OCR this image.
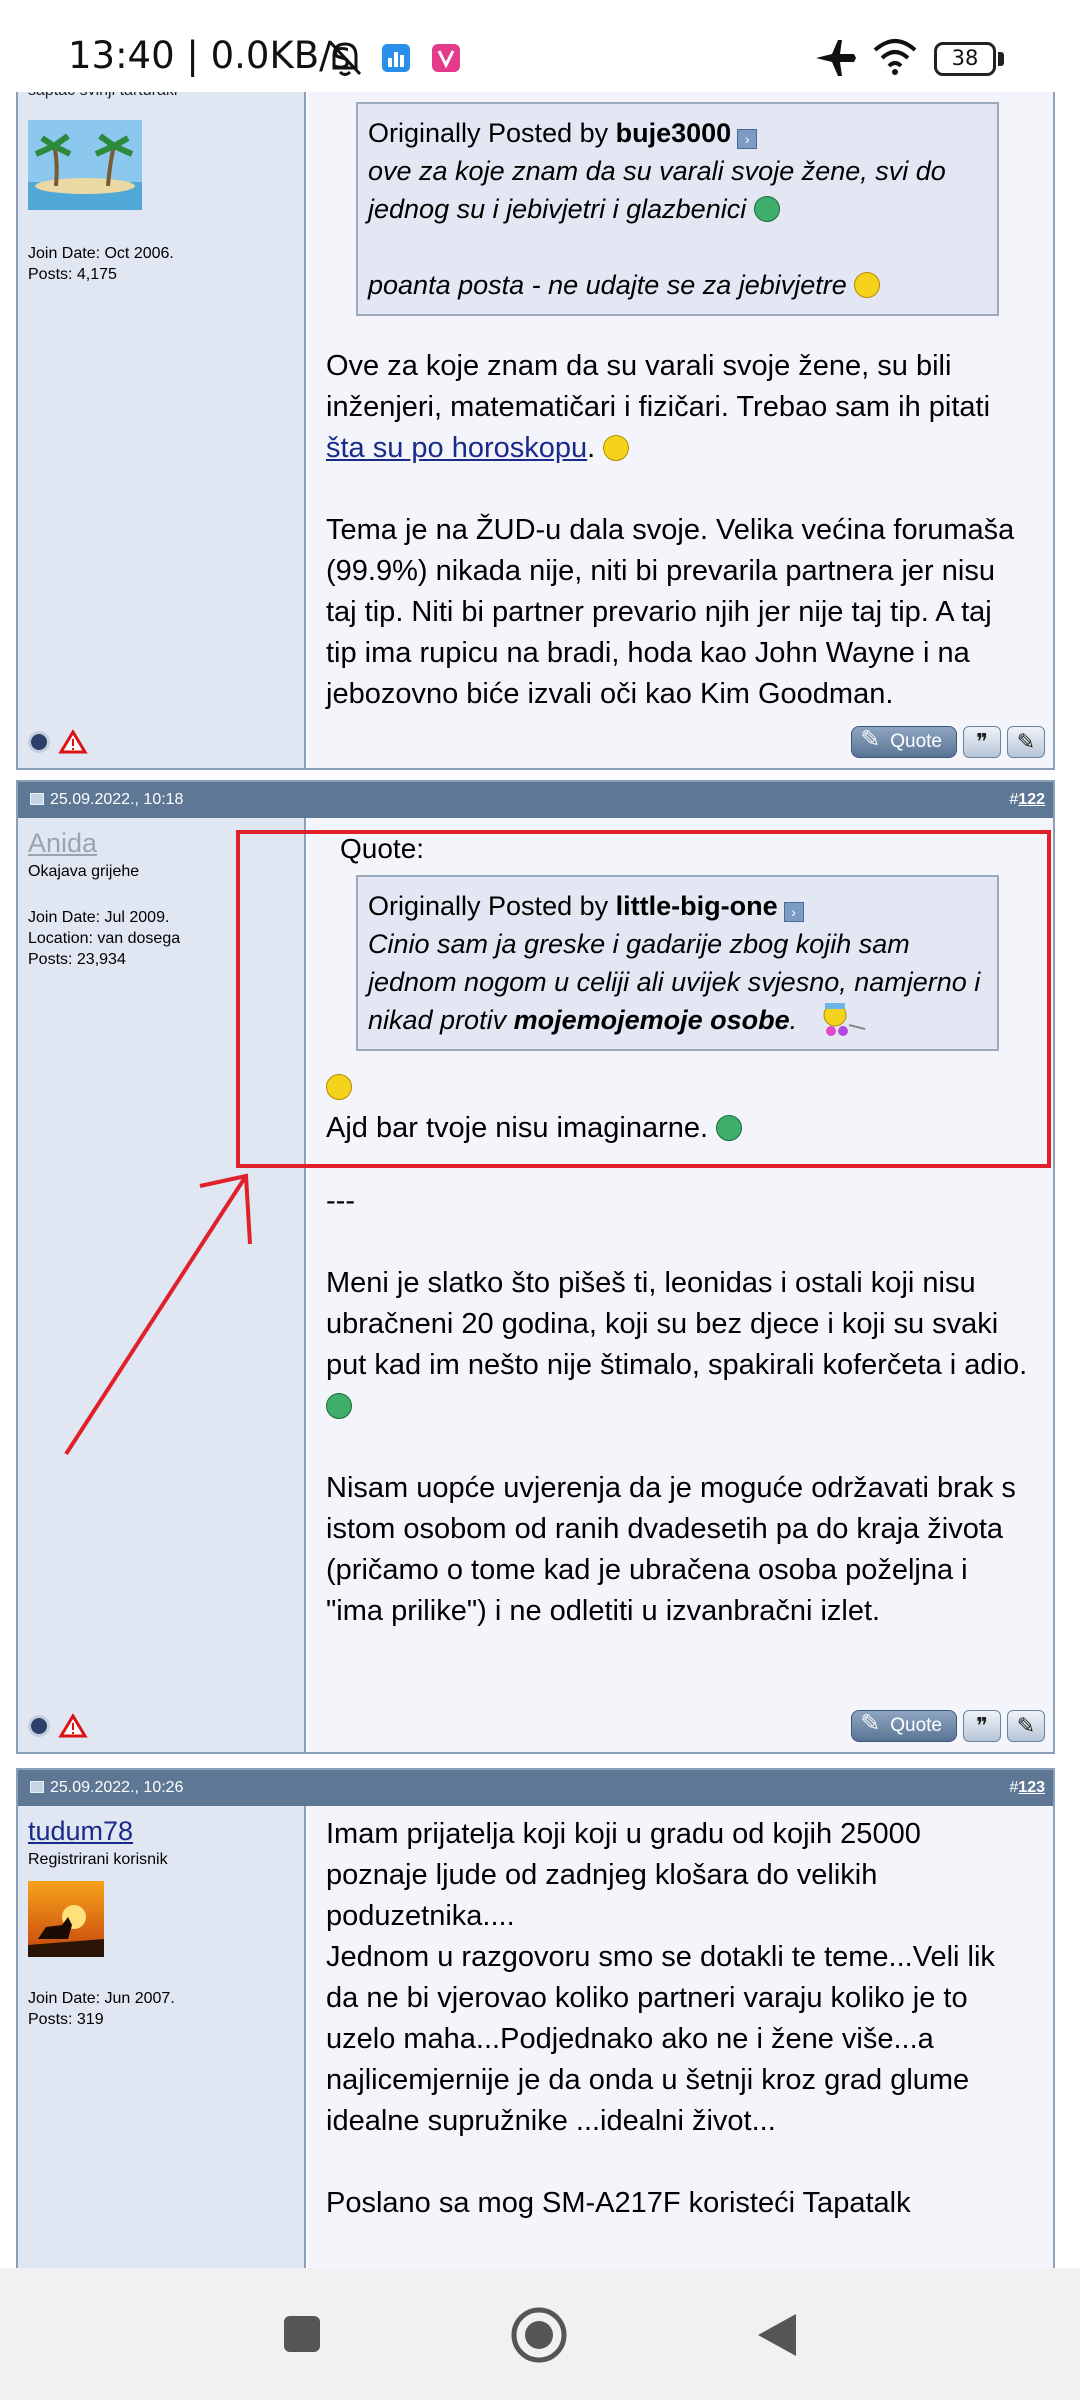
13:40 | 0.0KB/s	38
Join Date: Oct 2006.
Posts: 4,175
Originally Posted by buje3000 ›
ove za koje znam da su varali svoje žene, svi do jednog su i jebivjetri i glazbenici
poanta posta - ne udajte se za jebivjetre
Ove za koje znam da su varali svoje žene, su bili inženjeri, matematičari i fizičari. Trebao sam ih pitati šta su po horoskopu.
Tema je na ŽUD-u dala svoje. Velika većina forumaša (99.9%) nikada nije, niti bi prevarila partnera jer nisu taj tip. Niti bi partner prevario njih jer nije taj tip. A taj tip ima rupicu na bradi, hoda kao John Wayne i na jebozovno biće izvali oči kao Kim Goodman.

✎ Quote	❞	✎
25.09.2022., 10:18	#122
Anida
Okajava grijehe
Join Date: Jul 2009.
Location: van dosega
Posts: 23,934
Quote:
Originally Posted by little-big-one ›
Cinio sam ja greske i gadarije zbog kojih sam jednom nogom u celiji ali uvijek svjesno, namjerno i nikad protiv mojemojemoje osobe.
Ajd bar tvoje nisu imaginarne.
---
Meni je slatko što pišeš ti, leonidas i ostali koji nisu ubračneni 20 godina, koji su bez djece i koji su svaki put kad im nešto nije štimalo, spakirali koferčeta i adio.
Nisam uopće uvjerenja da je moguće održavati brak s istom osobom od ranih dvadesetih pa do kraja života (pričamo o tome kad je ubračena osoba poželjna i "ima prilike") i ne odletiti u izvanbračni izlet.

✎ Quote	❞	✎
25.09.2022., 10:26	#123
tudum78
Registrirani korisnik
Join Date: Jun 2007.
Posts: 319
Imam prijatelja koji koji u gradu od kojih 25000 poznaje ljude od zadnjeg klošara do velikih poduzetnika....
Jednom u razgovoru smo se dotakli te teme...Veli lik da ne bi vjerovao koliko partneri varaju koliko je to uzelo maha...Podjednako ako ne i žene više...a najlicemjernije je da onda u šetnji kroz grad glume idealne supružnike ...idealni život...
Poslano sa mog SM-A217F koristeći Tapatalk

✎
